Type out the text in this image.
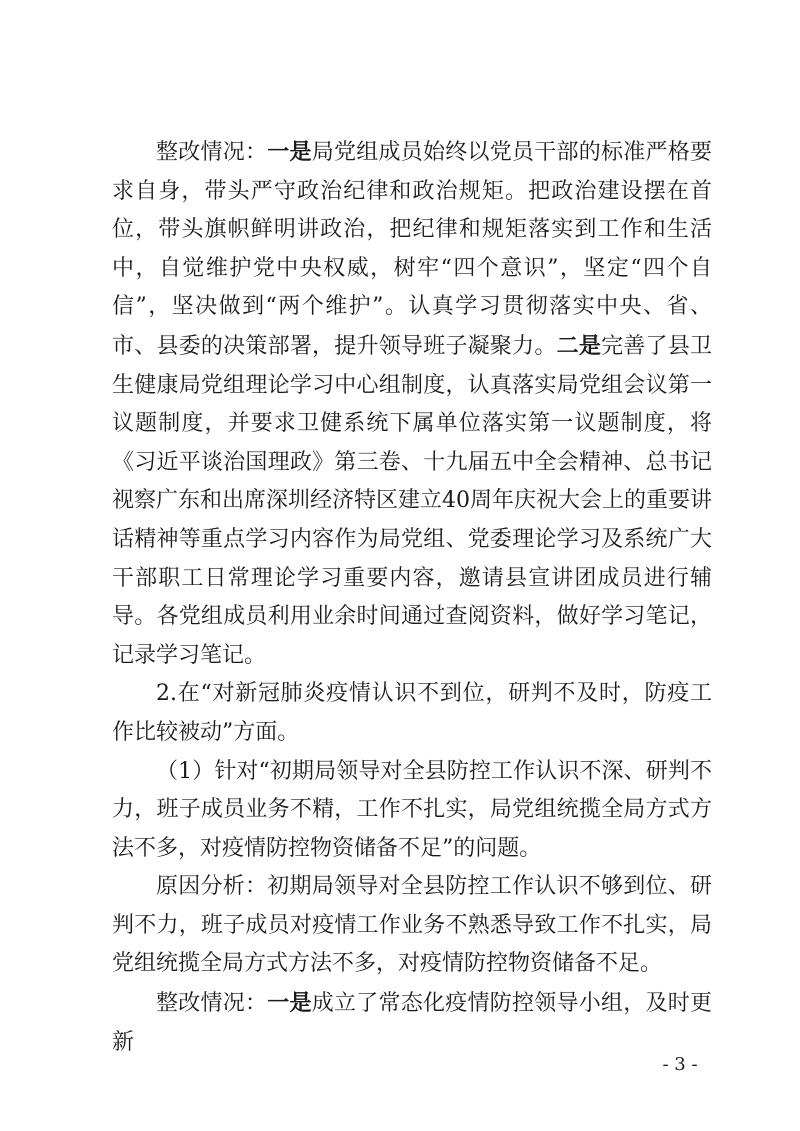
整改情况：一是局党组成员始终以党员干部的标准严格要求自身，带头严守政治纪律和政治规矩。把政治建设摆在首位，带头旗帜鲜明讲政治，把纪律和规矩落实到工作和生活中，自觉维护党中央权威，树牢“四个意识”，坚定“四个自信”，坚决做到“两个维护”。认真学习贯彻落实中央、省、市、县委的决策部署，提升领导班子凝聚力。二是完善了县卫生健康局党组理论学习中心组制度，认真落实局党组会议第一议题制度，并要求卫健系统下属单位落实第一议题制度，将《习近平谈治国理政》第三卷、十九届五中全会精神、总书记视察广东和出席深圳经济特区建立40周年庆祝大会上的重要讲话精神等重点学习内容作为局党组、党委理论学习及系统广大干部职工日常理论学习重要内容，邀请县宣讲团成员进行辅导。各党组成员利用业余时间通过查阅资料，做好学习笔记，记录学习笔记。

2.在“对新冠肺炎疫情认识不到位，研判不及时，防疫工作比较被动”方面。

（1）针对“初期局领导对全县防控工作认识不深、研判不力，班子成员业务不精，工作不扎实，局党组统揽全局方式方法不多，对疫情防控物资储备不足”的问题。

原因分析：初期局领导对全县防控工作认识不够到位、研判不力，班子成员对疫情工作业务不熟悉导致工作不扎实，局党组统揽全局方式方法不多，对疫情防控物资储备不足。

整改情况：一是成立了常态化疫情防控领导小组，及时更新

- 3 -
